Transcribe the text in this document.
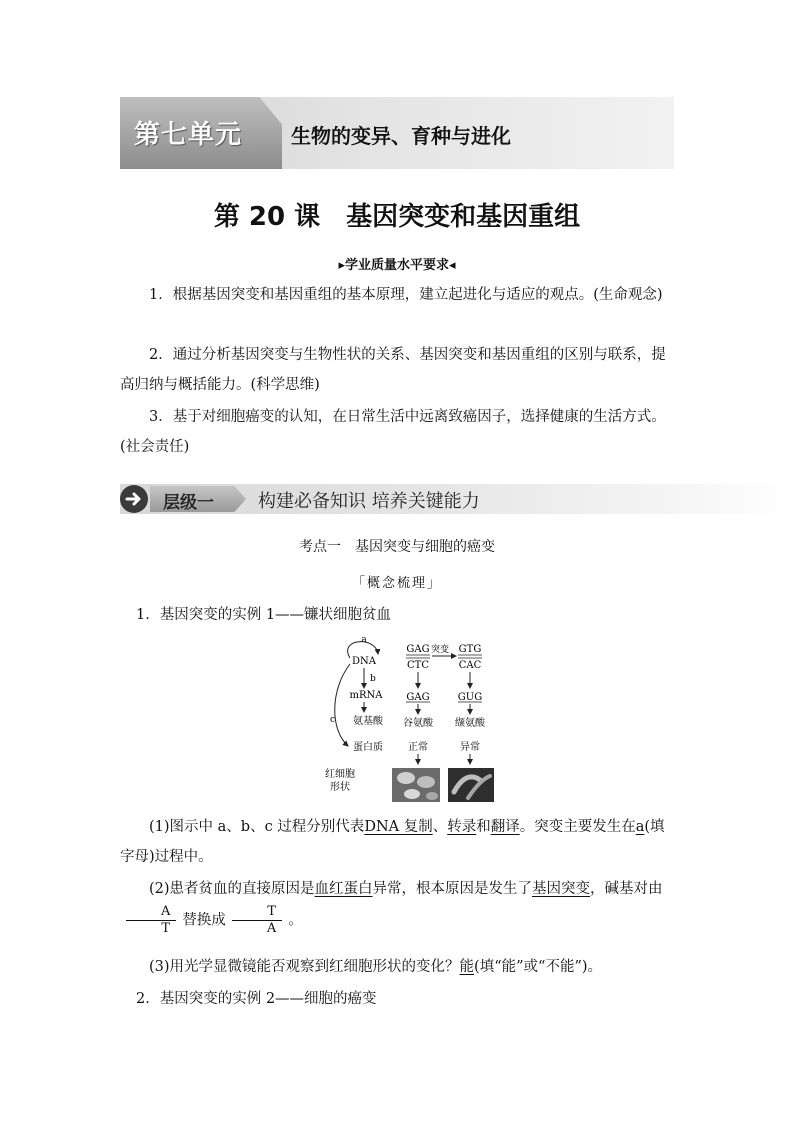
第七单元 生物的变异、育种与进化
第 20 课　基因突变和基因重组
▸学业质量水平要求◂
1．根据基因突变和基因重组的基本原理，建立起进化与适应的观点。(生命观念)
2．通过分析基因突变与生物性状的关系、基因突变和基因重组的区别与联系，提高归纳与概括能力。(科学思维)
3．基于对细胞癌变的认知，在日常生活中远离致癌因子，选择健康的生活方式。(社会责任)
层级一 构建必备知识 培养关键能力
考点一　基因突变与细胞的癌变
「概念梳理」
1．基因突变的实例 1——镰状细胞贫血
a
DNA
b
mRNA
氨基酸
c
蛋白质
红细胞
形状
GAG
CTC
突变
GAG
谷氨酸
正常
GTG
CAC
GUG
缬氨酸
异常
(1)图示中 a、b、c 过程分别代表DNA 复制、转录和翻译。突变主要发生在a(填字母)过程中。
(2)患者贫血的直接原因是血红蛋白异常，根本原因是发生了基因突变，碱基对由
$\frac{A}{T}$ 替换成 $\frac{T}{A}$ 。
(3)用光学显微镜能否观察到红细胞形状的变化？能(填“能”或“不能”)。
2．基因突变的实例 2——细胞的癌变
